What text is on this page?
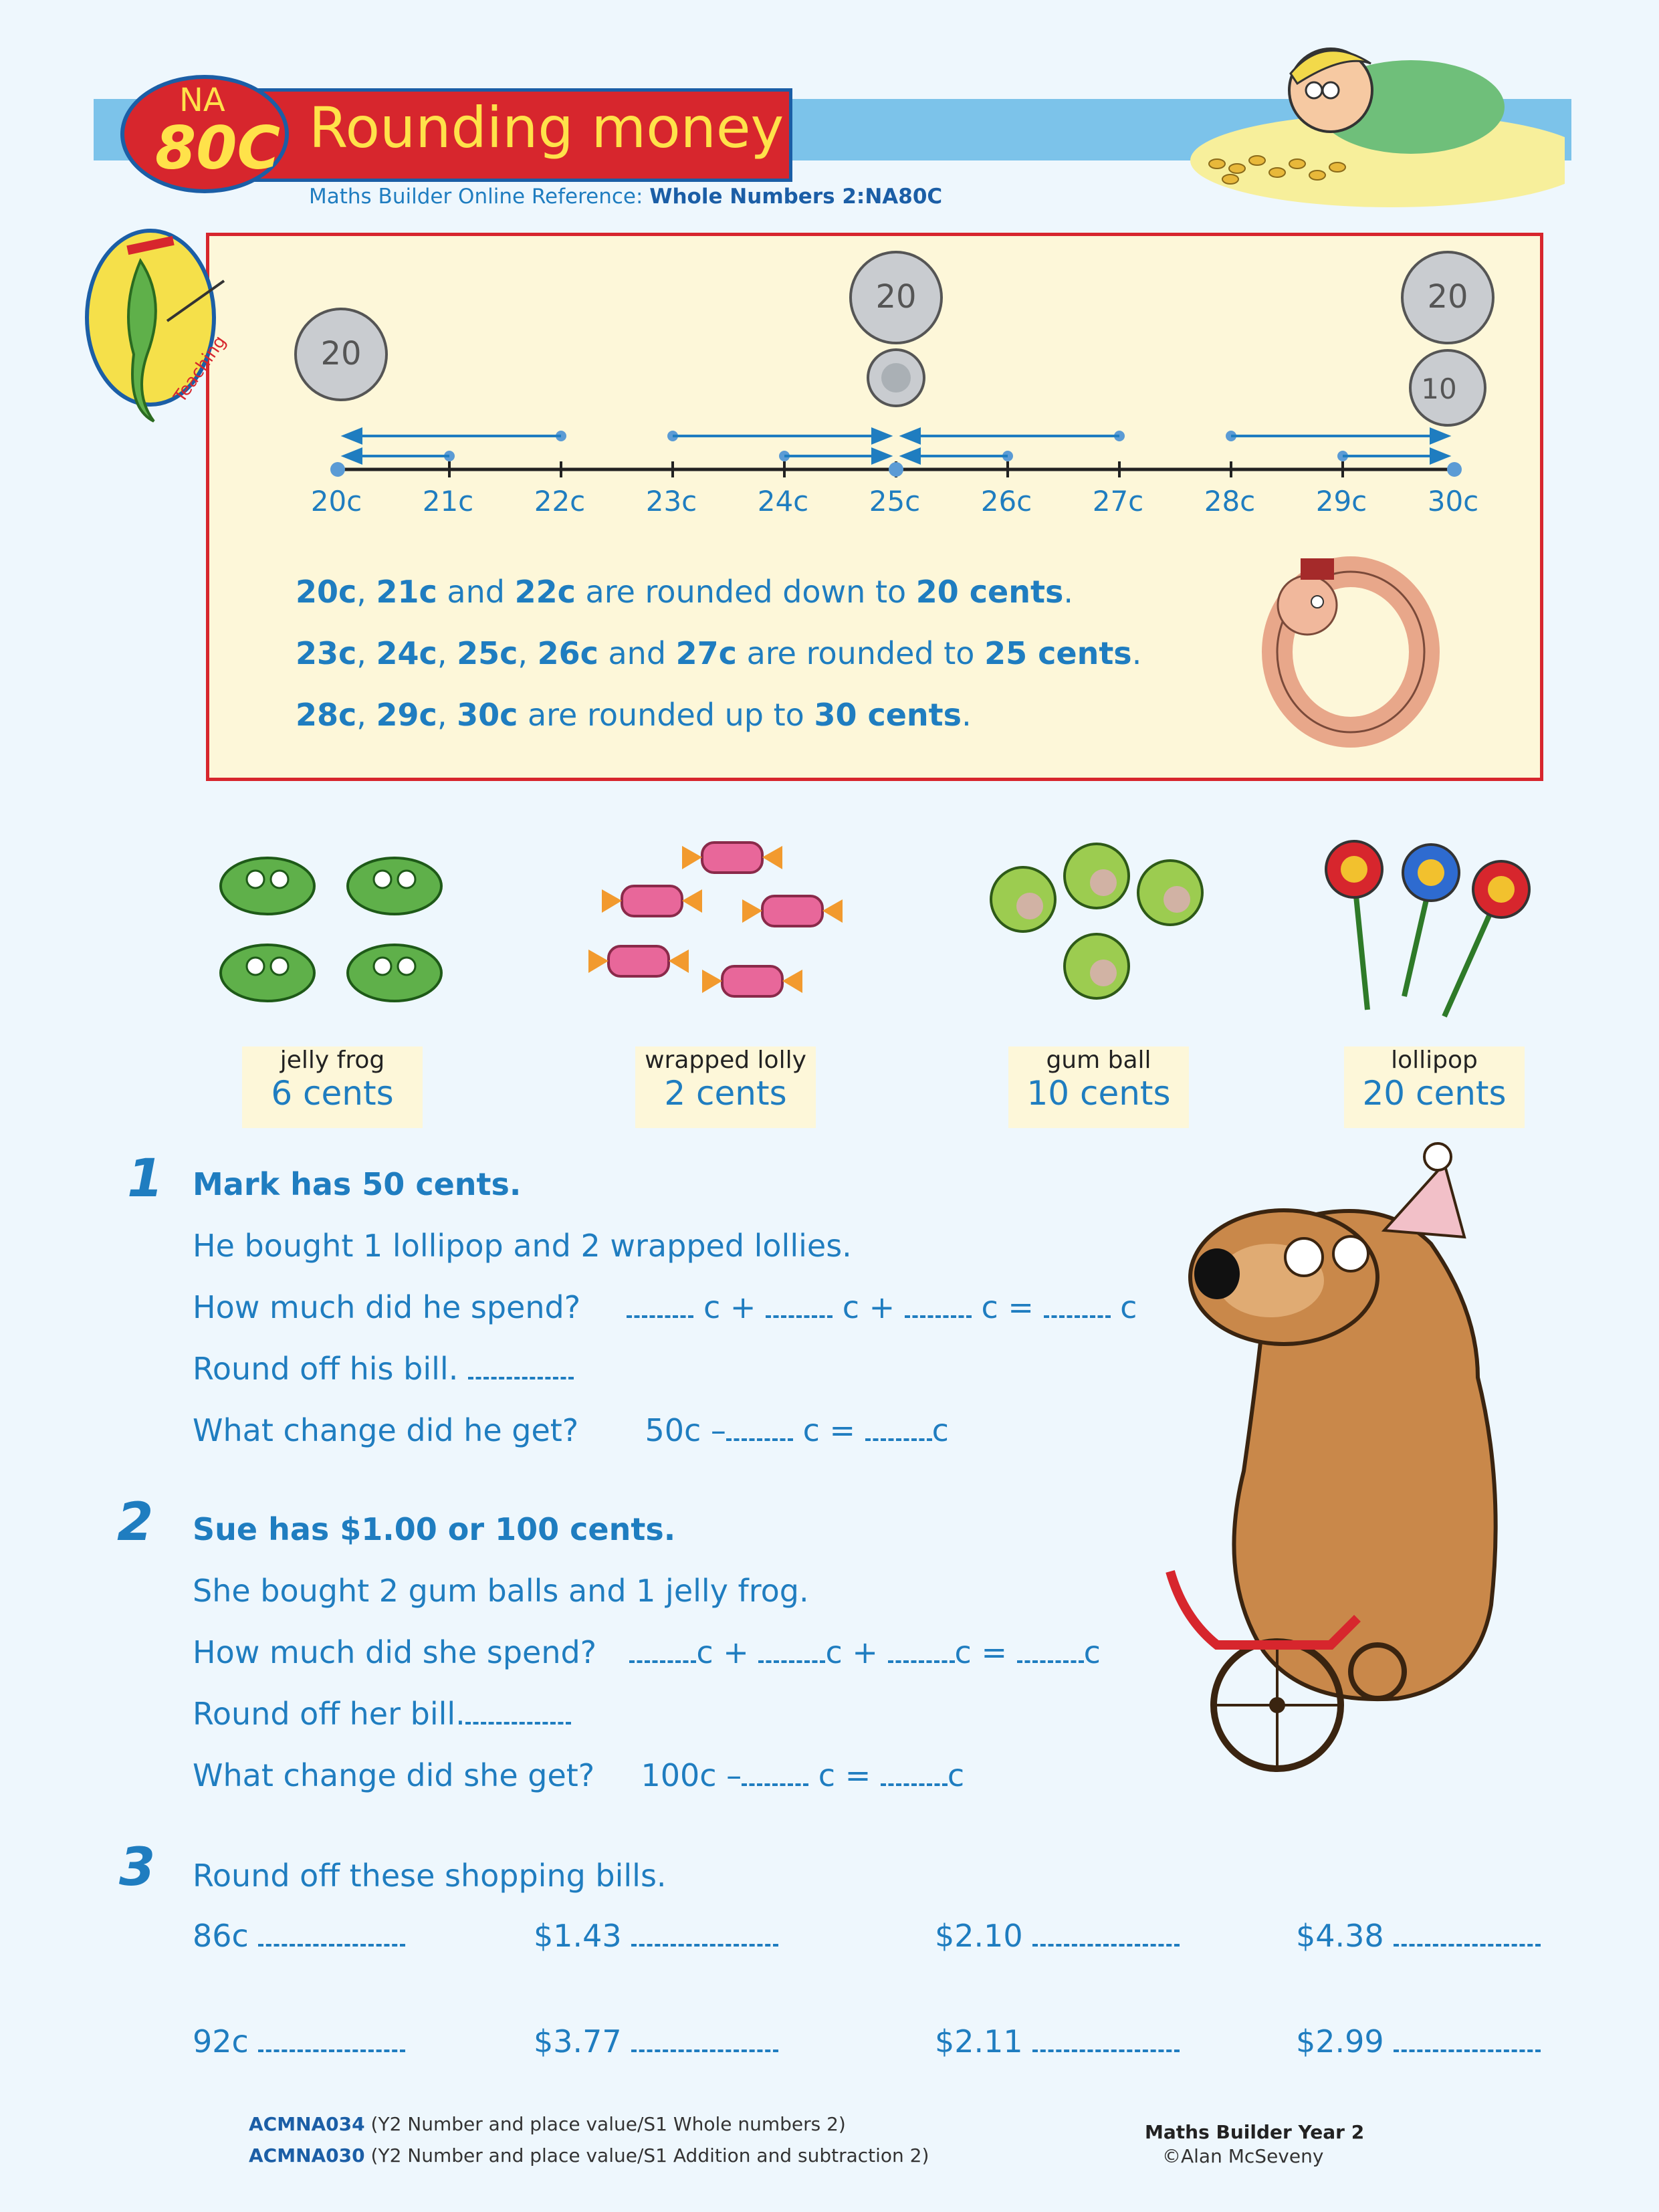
Rounding money
NA
80C
Maths Builder Online Reference: Whole Numbers 2:NA80C
Teaching	20
20	20
10
20c	21c	22c	23c	24c	25c	26c	27c	28c	29c	30c
20c, 21c and 22c are rounded down to 20 cents.
23c, 24c, 25c, 26c and 27c are rounded to 25 cents.
28c, 29c, 30c are rounded up to 30 cents.
jelly frog
6 cents
wrapped lolly
2 cents
gum ball
10 cents
lollipop
20 cents
1 Mark has 50 cents.
He bought 1 lollipop and 2 wrapped lollies.
How much did he spend?	c +	c +	c =	c
Round off his bill.
What change did he get? 50c – c = c
2 Sue has $1.00 or 100 cents.
She bought 2 gum balls and 1 jelly frog.
How much did she spend?	c + c + c = c
Round off her bill.
What change did she get? 100c – c = c
3 Round off these shopping bills.
86c	$1.43	$2.10	$4.38
92c	$3.77	$2.11	$2.99
ACMNA034 (Y2 Number and place value/S1 Whole numbers 2)
ACMNA030 (Y2 Number and place value/S1 Addition and subtraction 2)
Maths Builder Year 2
©Alan McSeveny
